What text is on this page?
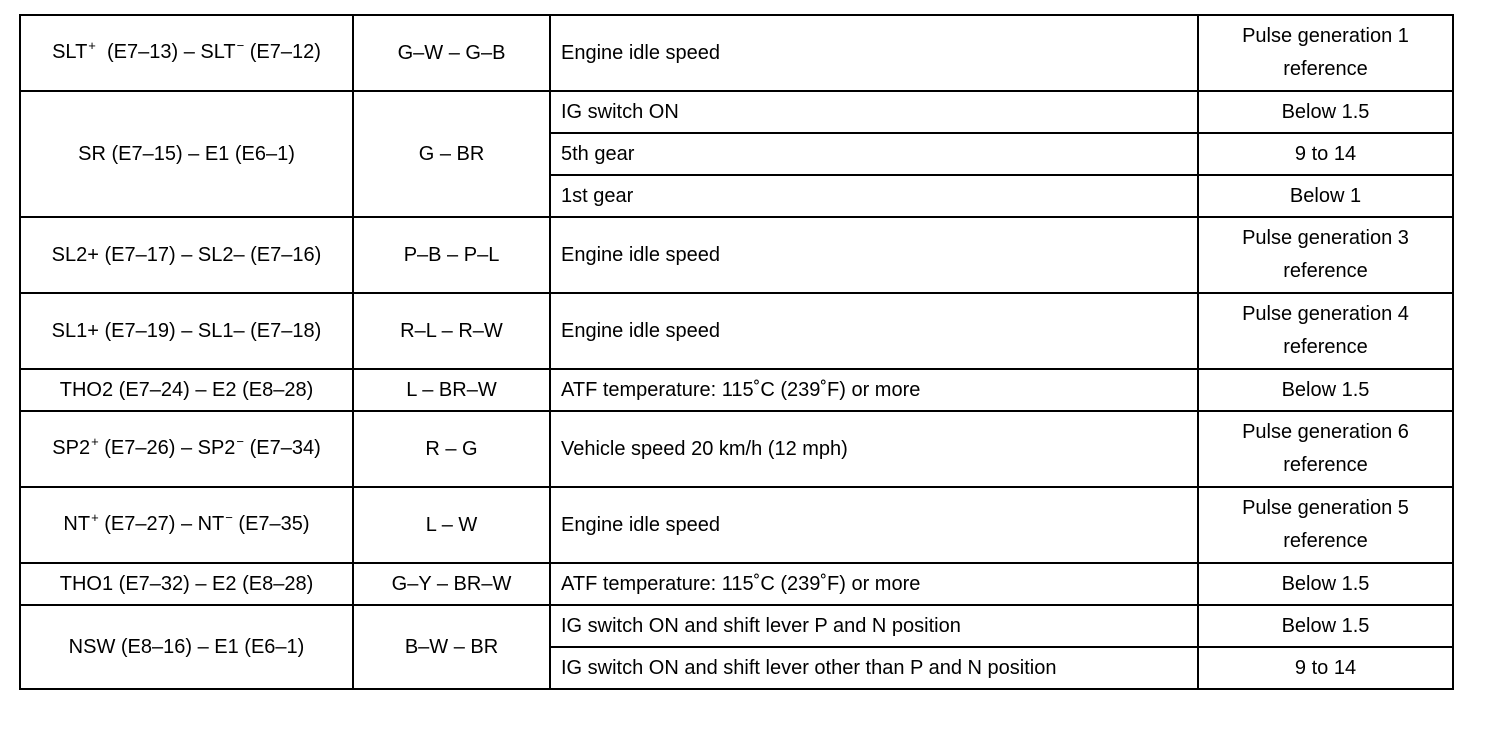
SLT+  (E7–13) – SLT− (E7–12)	G–W – G–B	Engine idle speed	Pulse generation 1 reference
SR (E7–15) – E1 (E6–1)	G – BR	IG switch ON	Below 1.5
		5th gear	9 to 14
		1st gear	Below 1
SL2+ (E7–17) – SL2– (E7–16)	P–B – P–L	Engine idle speed	Pulse generation 3 reference
SL1+ (E7–19) – SL1– (E7–18)	R–L – R–W	Engine idle speed	Pulse generation 4 reference
THO2 (E7–24) – E2 (E8–28)	L – BR–W	ATF temperature: 115˚C (239˚F) or more	Below 1.5
SP2+ (E7–26) – SP2− (E7–34)	R – G	Vehicle speed 20 km/h (12 mph)	Pulse generation 6 reference
NT+ (E7–27) – NT− (E7–35)	L – W	Engine idle speed	Pulse generation 5 reference
THO1 (E7–32) – E2 (E8–28)	G–Y – BR–W	ATF temperature: 115˚C (239˚F) or more	Below 1.5
NSW (E8–16) – E1 (E6–1)	B–W – BR	IG switch ON and shift lever P and N position	Below 1.5
		IG switch ON and shift lever other than P and N position	9 to 14
